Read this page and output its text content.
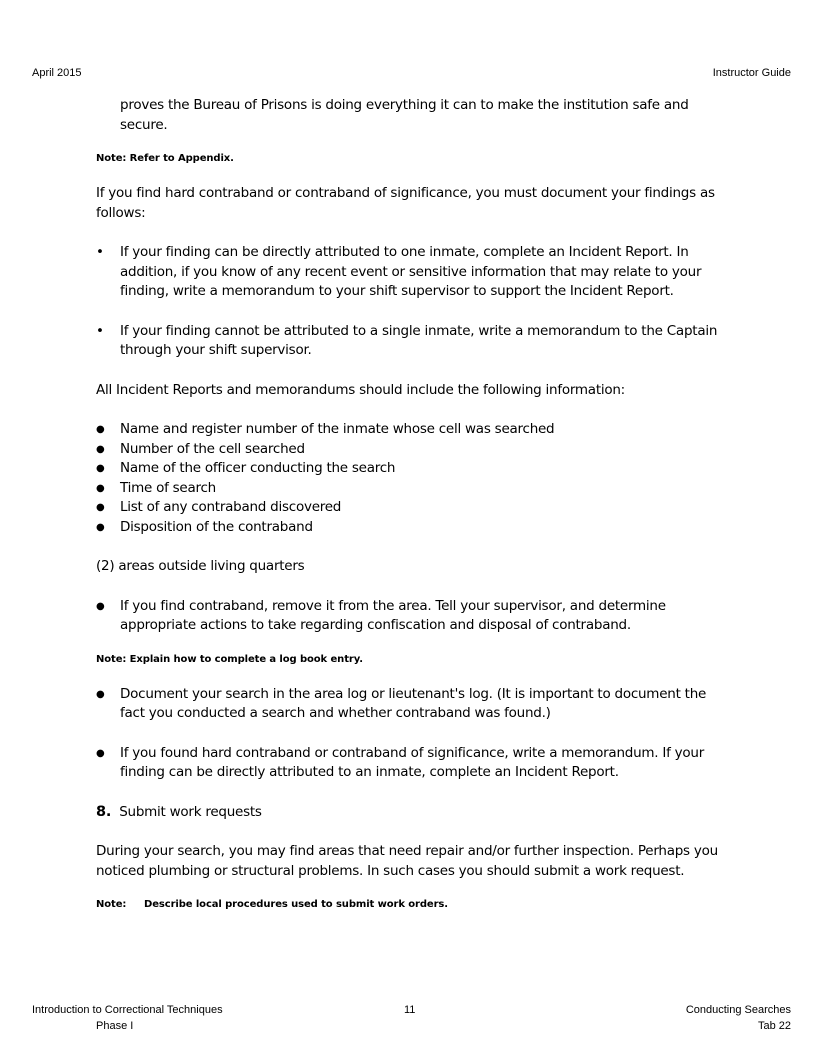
April 2015	Instructor Guide

proves the Bureau of Prisons is doing everything it can to make the institution safe and secure.

Note: Refer to Appendix.

If you find hard contraband or contraband of significance, you must document your findings as follows:

•	If your finding can be directly attributed to one inmate, complete an Incident Report. In addition, if you know of any recent event or sensitive information that may relate to your finding, write a memorandum to your shift supervisor to support the Incident Report.
•	If your finding cannot be attributed to a single inmate, write a memorandum to the Captain through your shift supervisor.

All Incident Reports and memorandums should include the following information:

● Name and register number of the inmate whose cell was searched
● Number of the cell searched
● Name of the officer conducting the search
● Time of search
● List of any contraband discovered
● Disposition of the contraband

(2) areas outside living quarters

● If you find contraband, remove it from the area. Tell your supervisor, and determine appropriate actions to take regarding confiscation and disposal of contraband.

Note: Explain how to complete a log book entry.

● Document your search in the area log or lieutenant's log. (It is important to document the fact you conducted a search and whether contraband was found.)
● If you found hard contraband or contraband of significance, write a memorandum. If your finding can be directly attributed to an inmate, complete an Incident Report.

8. Submit work requests

During your search, you may find areas that need repair and/or further inspection. Perhaps you noticed plumbing or structural problems. In such cases you should submit a work request.

Note: Describe local procedures used to submit work orders.

Introduction to Correctional Techniques
Phase I
11	Conducting Searches
Tab 22
